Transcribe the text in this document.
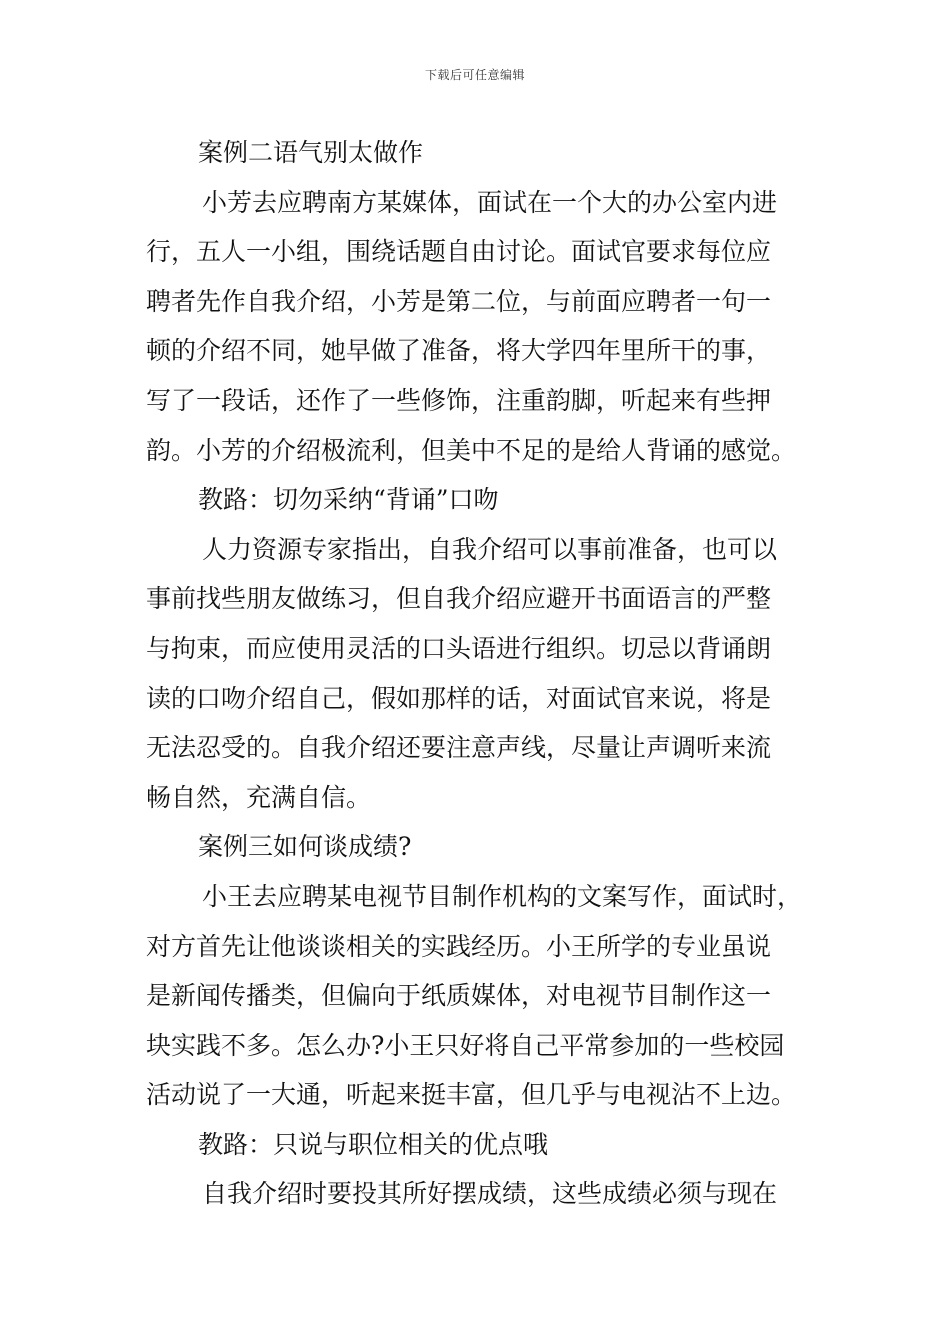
下载后可任意编辑
案例二语气别太做作
小芳去应聘南方某媒体，面试在一个大的办公室内进
行，五人一小组，围绕话题自由讨论。面试官要求每位应
聘者先作自我介绍，小芳是第二位，与前面应聘者一句一
顿的介绍不同，她早做了准备，将大学四年里所干的事，
写了一段话，还作了一些修饰，注重韵脚，听起来有些押
韵。小芳的介绍极流利，但美中不足的是给人背诵的感觉。
教路：切勿采纳“背诵”口吻
人力资源专家指出，自我介绍可以事前准备，也可以
事前找些朋友做练习，但自我介绍应避开书面语言的严整
与拘束，而应使用灵活的口头语进行组织。切忌以背诵朗
读的口吻介绍自己，假如那样的话，对面试官来说，将是
无法忍受的。自我介绍还要注意声线，尽量让声调听来流
畅自然，充满自信。
案例三如何谈成绩?
小王去应聘某电视节目制作机构的文案写作，面试时，
对方首先让他谈谈相关的实践经历。小王所学的专业虽说
是新闻传播类，但偏向于纸质媒体，对电视节目制作这一
块实践不多。怎么办?小王只好将自己平常参加的一些校园
活动说了一大通，听起来挺丰富，但几乎与电视沾不上边。
教路：只说与职位相关的优点哦
自我介绍时要投其所好摆成绩，这些成绩必须与现在
